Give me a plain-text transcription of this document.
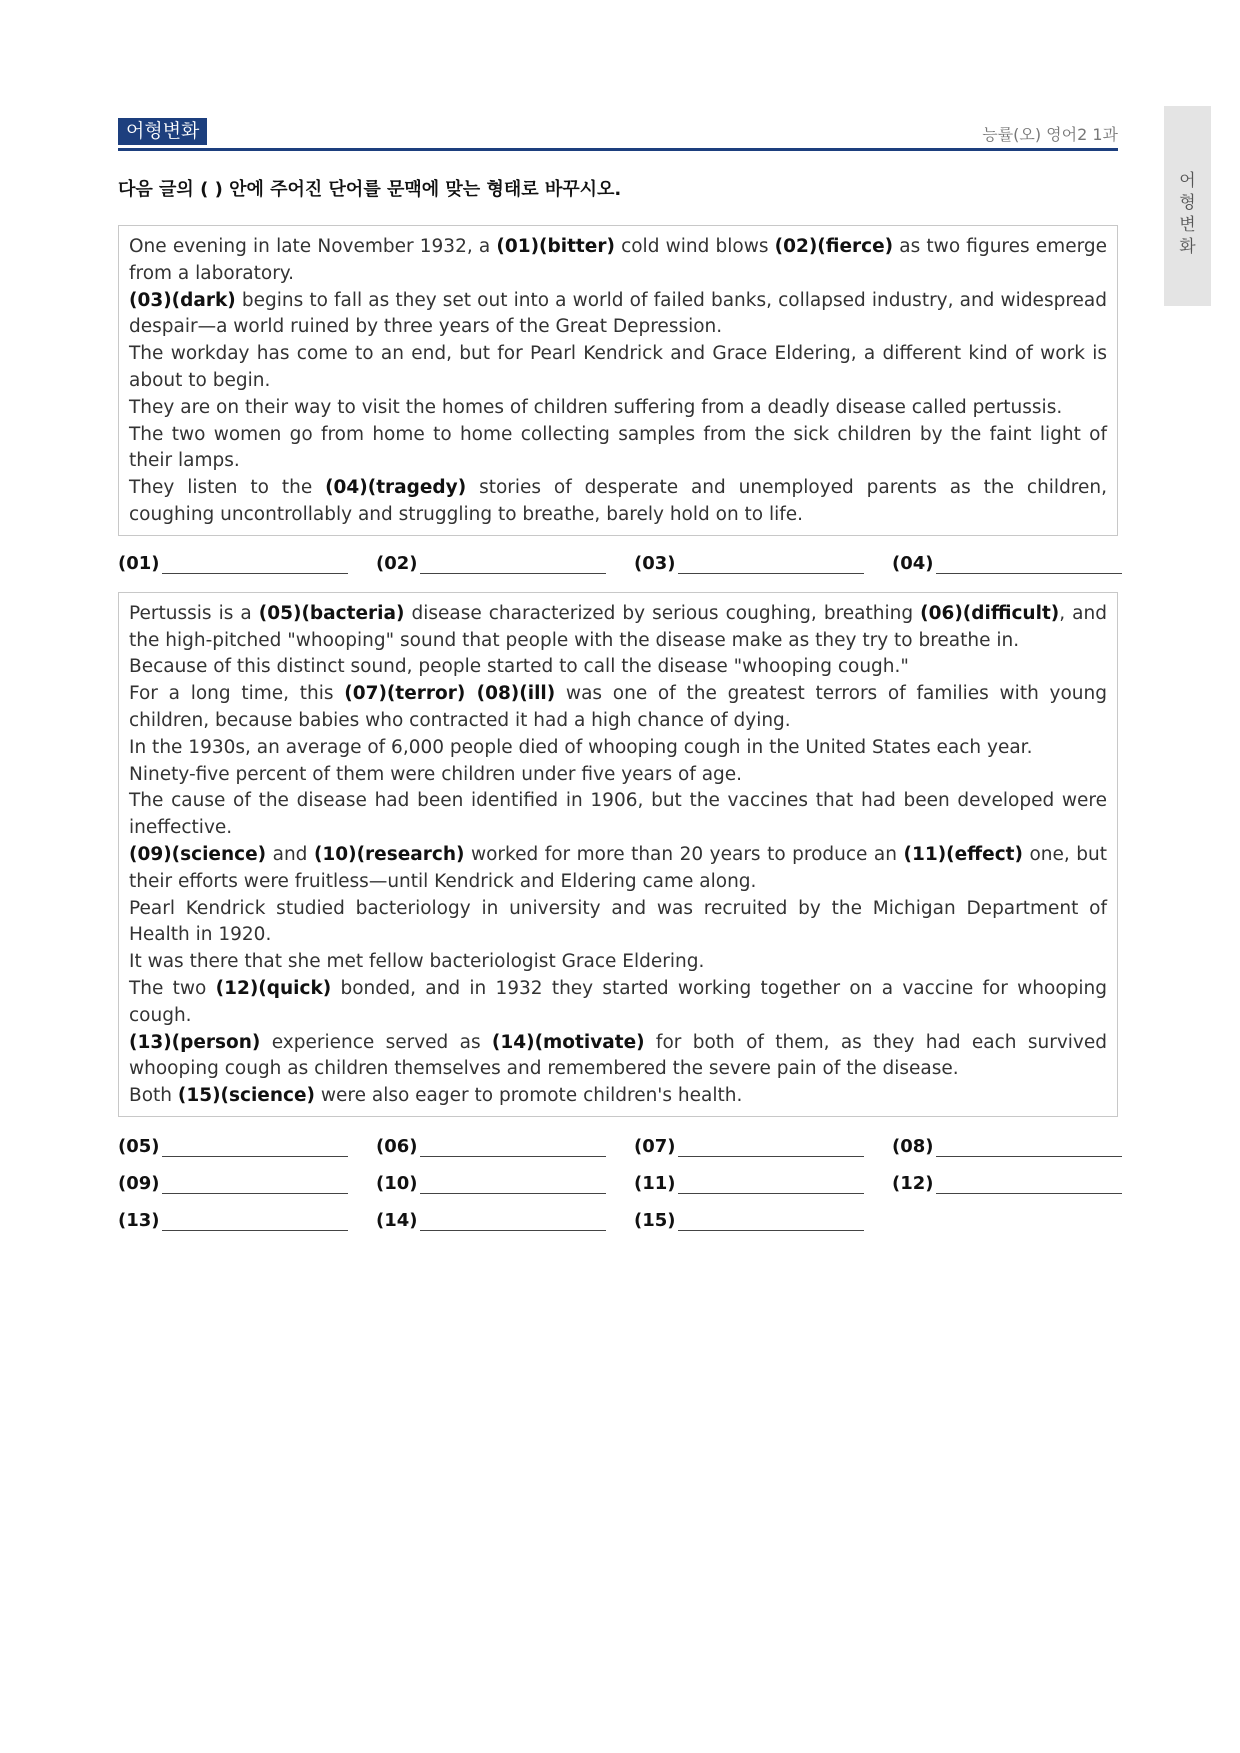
어형변화	능률(오) 영어2 1과
다음 글의 ( ) 안에 주어진 단어를 문맥에 맞는 형태로 바꾸시오.

One evening in late November 1932, a (01)(bitter) cold wind blows (02)(fierce) as two figures emerge from a laboratory.

(03)(dark) begins to fall as they set out into a world of failed banks, collapsed industry, and widespread despair—a world ruined by three years of the Great Depression.

The workday has come to an end, but for Pearl Kendrick and Grace Eldering, a different kind of work is about to begin.

They are on their way to visit the homes of children suffering from a deadly disease called pertussis.

The two women go from home to home collecting samples from the sick children by the faint light of their lamps.

They listen to the (04)(tragedy) stories of desperate and unemployed parents as the children, coughing uncontrollably and struggling to breathe, barely hold on to life.

(01)	(02)	(03)	(04)

Pertussis is a (05)(bacteria) disease characterized by serious coughing, breathing (06)(difficult), and the high-pitched "whooping" sound that people with the disease make as they try to breathe in.

Because of this distinct sound, people started to call the disease "whooping cough."

For a long time, this (07)(terror) (08)(ill) was one of the greatest terrors of families with young children, because babies who contracted it had a high chance of dying.

In the 1930s, an average of 6,000 people died of whooping cough in the United States each year.

Ninety-five percent of them were children under five years of age.

The cause of the disease had been identified in 1906, but the vaccines that had been developed were ineffective.

(09)(science) and (10)(research) worked for more than 20 years to produce an (11)(effect) one, but their efforts were fruitless—until Kendrick and Eldering came along.

Pearl Kendrick studied bacteriology in university and was recruited by the Michigan Department of Health in 1920.

It was there that she met fellow bacteriologist Grace Eldering.

The two (12)(quick) bonded, and in 1932 they started working together on a vaccine for whooping cough.

(13)(person) experience served as (14)(motivate) for both of them, as they had each survived whooping cough as children themselves and remembered the severe pain of the disease.

Both (15)(science) were also eager to promote children's health.

(05)	(06)	(07)	(08)
(09)	(10)	(11)	(12)
(13)	(14)	(15)
어
형
변
화
